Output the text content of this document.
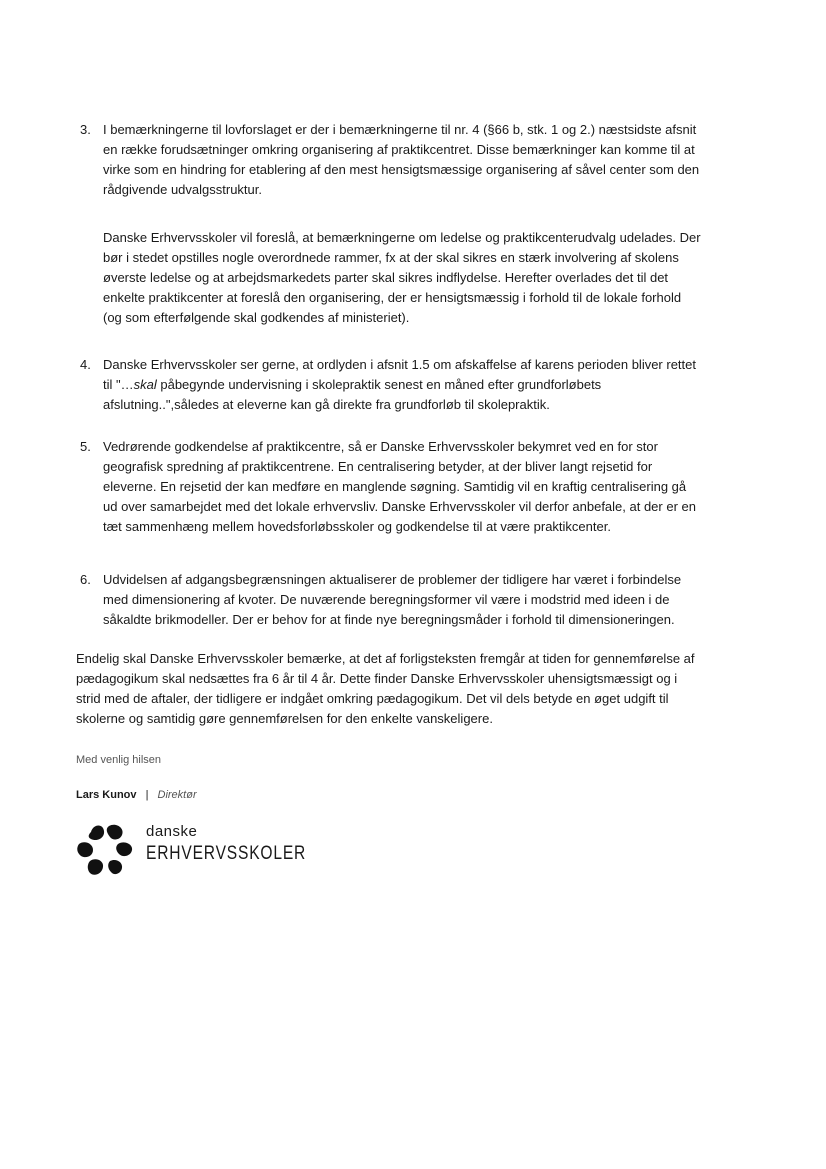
3. I bemærkningerne til lovforslaget er der i bemærkningerne til nr. 4 (§66 b, stk. 1 og 2.) næstsidste afsnit
en række forudsætninger omkring organisering af praktikcentret. Disse bemærkninger kan komme til at
virke som en hindring for etablering af den mest hensigtsmæssige organisering af såvel center som den
rådgivende udvalgsstruktur.
Danske Erhvervsskoler vil foreslå, at bemærkningerne om ledelse og praktikcenterudvalg udelades. Der
bør i stedet opstilles nogle overordnede rammer, fx at der skal sikres en stærk involvering af skolens
øverste ledelse og at arbejdsmarkedets parter skal sikres indflydelse. Herefter overlades det til det
enkelte praktikcenter at foreslå den organisering, der er hensigtsmæssig i forhold til de lokale forhold
(og som efterfølgende skal godkendes af ministeriet).
4. Danske Erhvervsskoler ser gerne, at ordlyden i afsnit 1.5 om afskaffelse af karens perioden bliver rettet
til "…skal påbegynde undervisning i skolepraktik senest en måned efter grundforløbets
afslutning..",således at eleverne kan gå direkte fra grundforløb til skolepraktik.
5. Vedrørende godkendelse af praktikcentre, så er Danske Erhvervsskoler bekymret ved en for stor
geografisk spredning af praktikcentrene. En centralisering betyder, at der bliver langt rejsetid for
eleverne. En rejsetid der kan medføre en manglende søgning. Samtidig vil en kraftig centralisering gå
ud over samarbejdet med det lokale erhvervsliv. Danske Erhvervsskoler vil derfor anbefale, at der er en
tæt sammenhæng mellem hovedsforløbsskoler og godkendelse til at være praktikcenter.
6. Udvidelsen af adgangsbegrænsningen aktualiserer de problemer der tidligere har været i forbindelse
med dimensionering af kvoter. De nuværende beregningsformer vil være i modstrid med ideen i de
såkaldte brikmodeller. Der er behov for at finde nye beregningsmåder i forhold til dimensioneringen.
Endelig skal Danske Erhvervsskoler bemærke, at det af forligsteksten fremgår at tiden for gennemførelse af
pædagogikum skal nedsættes fra 6 år til 4 år. Dette finder Danske Erhvervsskoler uhensigtsmæssigt og i
strid med de aftaler, der tidligere er indgået omkring pædagogikum. Det vil dels betyde en øget udgift til
skolerne og samtidig gøre gennemførelsen for den enkelte vanskeligere.
Med venlig hilsen
Lars Kunov | Direktør
danske
ERHVERVSSKOLER
